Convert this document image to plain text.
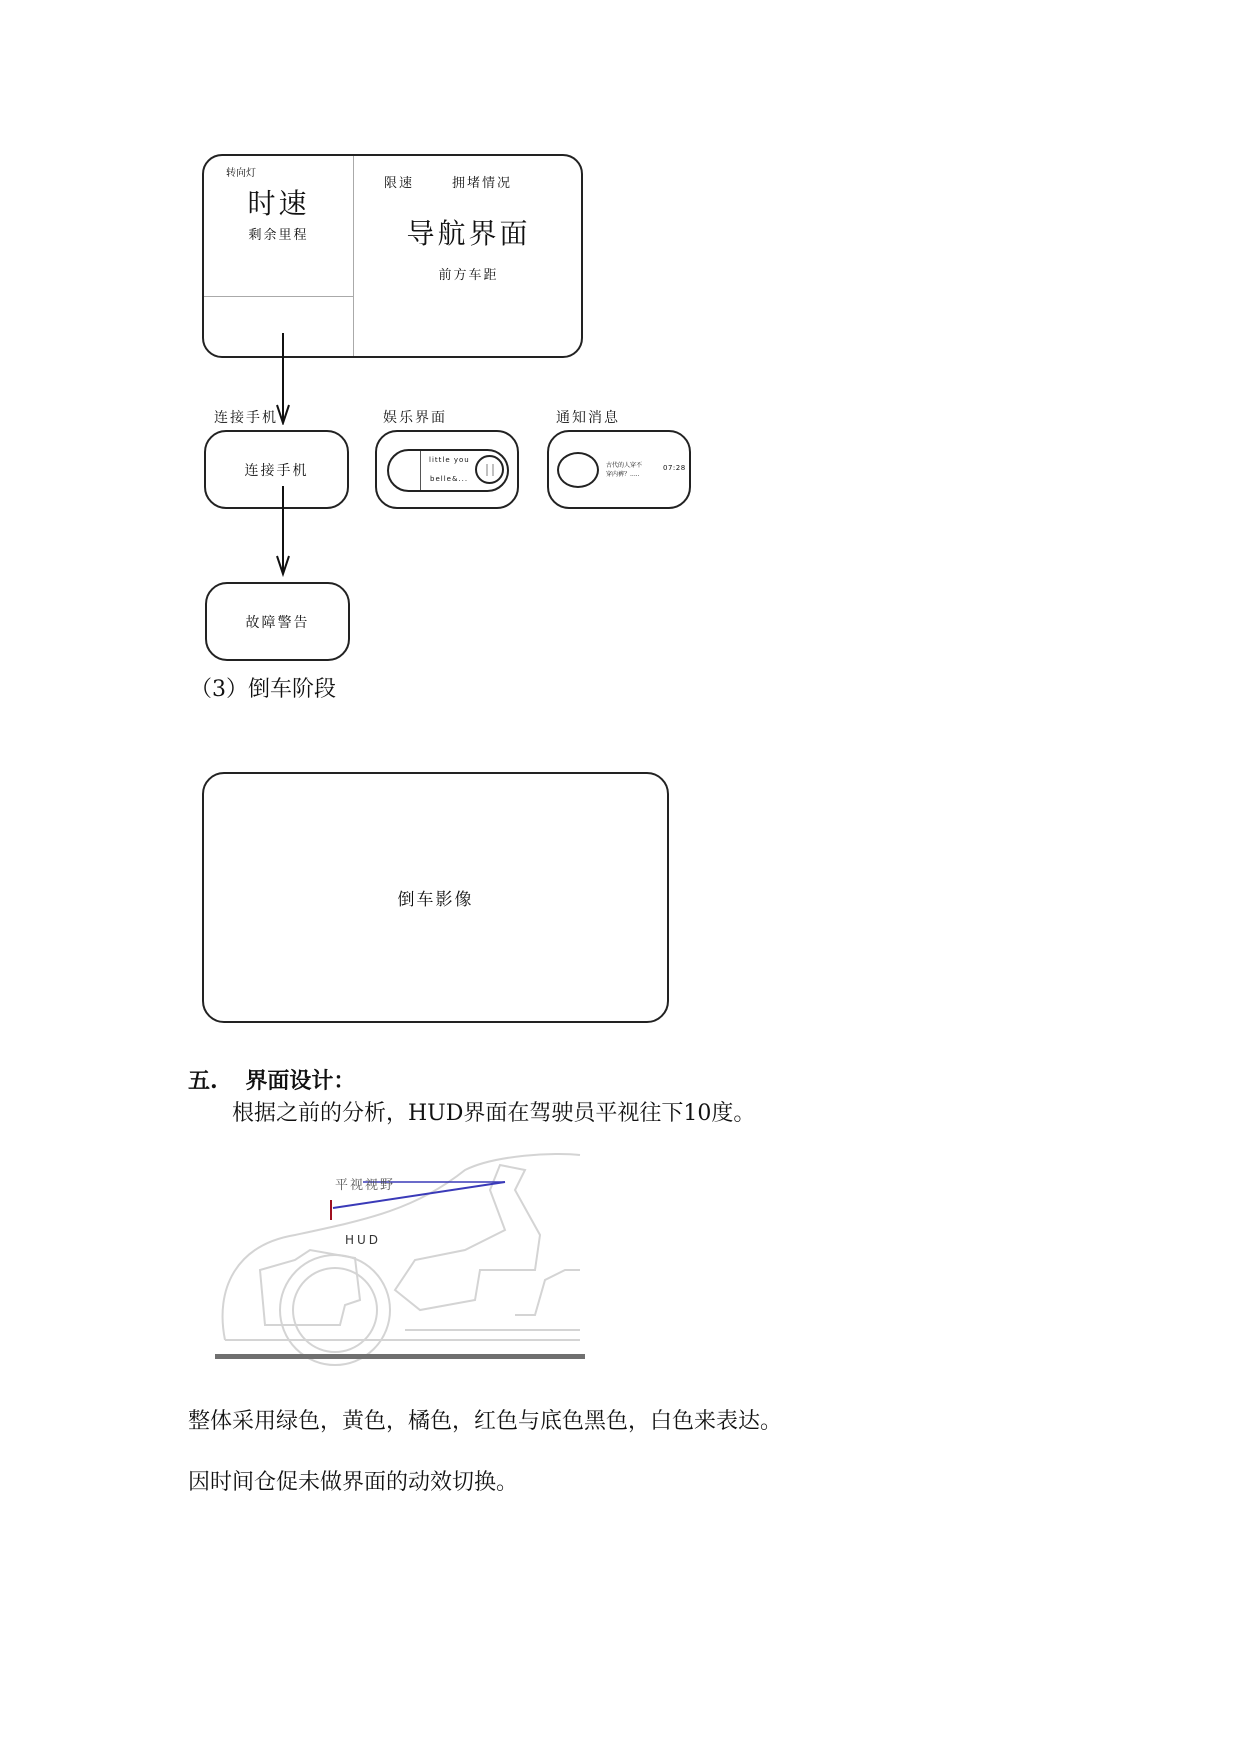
转向灯
时速
剩余里程
限速	拥堵情况
导航界面
前方车距
连接手机	娱乐界面	通知消息
连接手机
little you
belle&...
古代的人穿不
穿内裤？.....
07:28
故障警告
（3）倒车阶段
倒车影像
五. 界面设计：
根据之前的分析，HUD界面在驾驶员平视往下10度。
平视视野
HUD
整体采用绿色，黄色，橘色，红色与底色黑色，白色来表达。
因时间仓促未做界面的动效切换。
